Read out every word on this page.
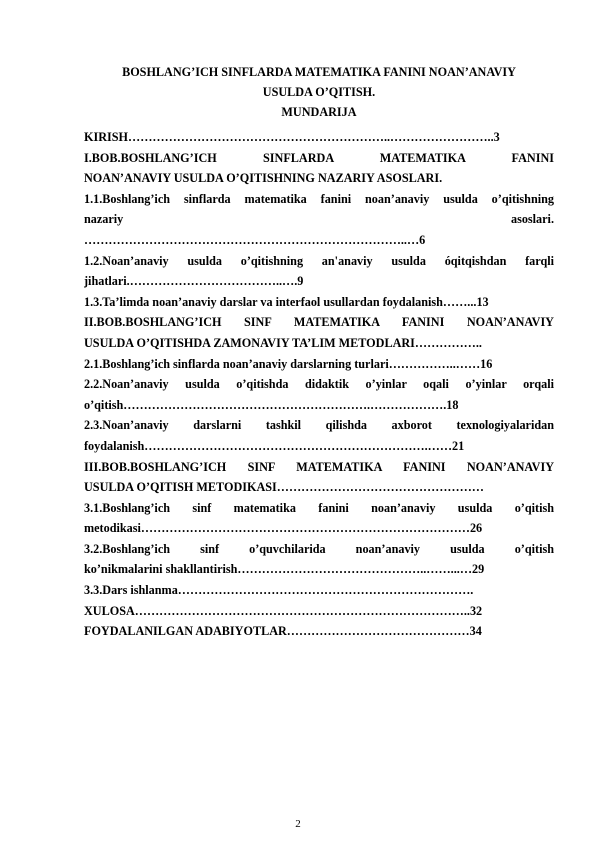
BOSHLANG’ICH SINFLARDA MATEMATIKA FANINI NOAN’ANAVIY
USULDA O’QITISH.
MUNDARIJA
KIRISH………………………………………………………..……………………..3
I.BOB.BOSHLANG’ICH SINFLARDA MATEMATIKA FANINI
NOAN’ANAVIY USULDA O’QITISHNING NAZARIY ASOSLARI.
1.1.Boshlang’ich sinflarda matematika fanini noan’anaviy usulda o’qitishning
nazariy asoslari.
……………………………………………………………………..…6
1.2.Noan’anaviy usulda o’qitishning an'anaviy usulda óqitqishdan farqli
jihatlari.………………………………..….9
1.3.Ta’limda noan’anaviy darslar va interfaol usullardan foydalanish……...13
II.BOB.BOSHLANG’ICH SINF MATEMATIKA FANINI NOAN’ANAVIY
USULDA O’QITISHDA ZAMONAVIY TA’LIM METODLARI……………..
2.1.Boshlang’ich sinflarda noan’anaviy darslarning turlari……………..……16
2.2.Noan’anaviy usulda o’qitishda didaktik o’yinlar oqali o’yinlar orqali
o’qitish…………………………………………………….……………….18
2.3.Noan’anaviy darslarni tashkil qilishda axborot texnologiyalaridan
foydalanish…………………………………………………………….……21
III.BOB.BOSHLANG’ICH SINF MATEMATIKA FANINI NOAN’ANAVIY
USULDA O’QITISH METODIKASI……………………………………………
3.1.Boshlang’ich sinf matematika fanini noan’anaviy usulda o’qitish
metodikasi………………………………………………………………………26
3.2.Boshlang’ich sinf o’quvchilarida noan’anaviy usulda o’qitish
ko’nikmalarini shakllantirish………………………………………..……...…29
3.3.Dars ishlanma……………………………………………………………….
XULOSA………………………………………………………………………..32
FOYDALANILGAN ADABIYOTLAR………………………………………34
2
